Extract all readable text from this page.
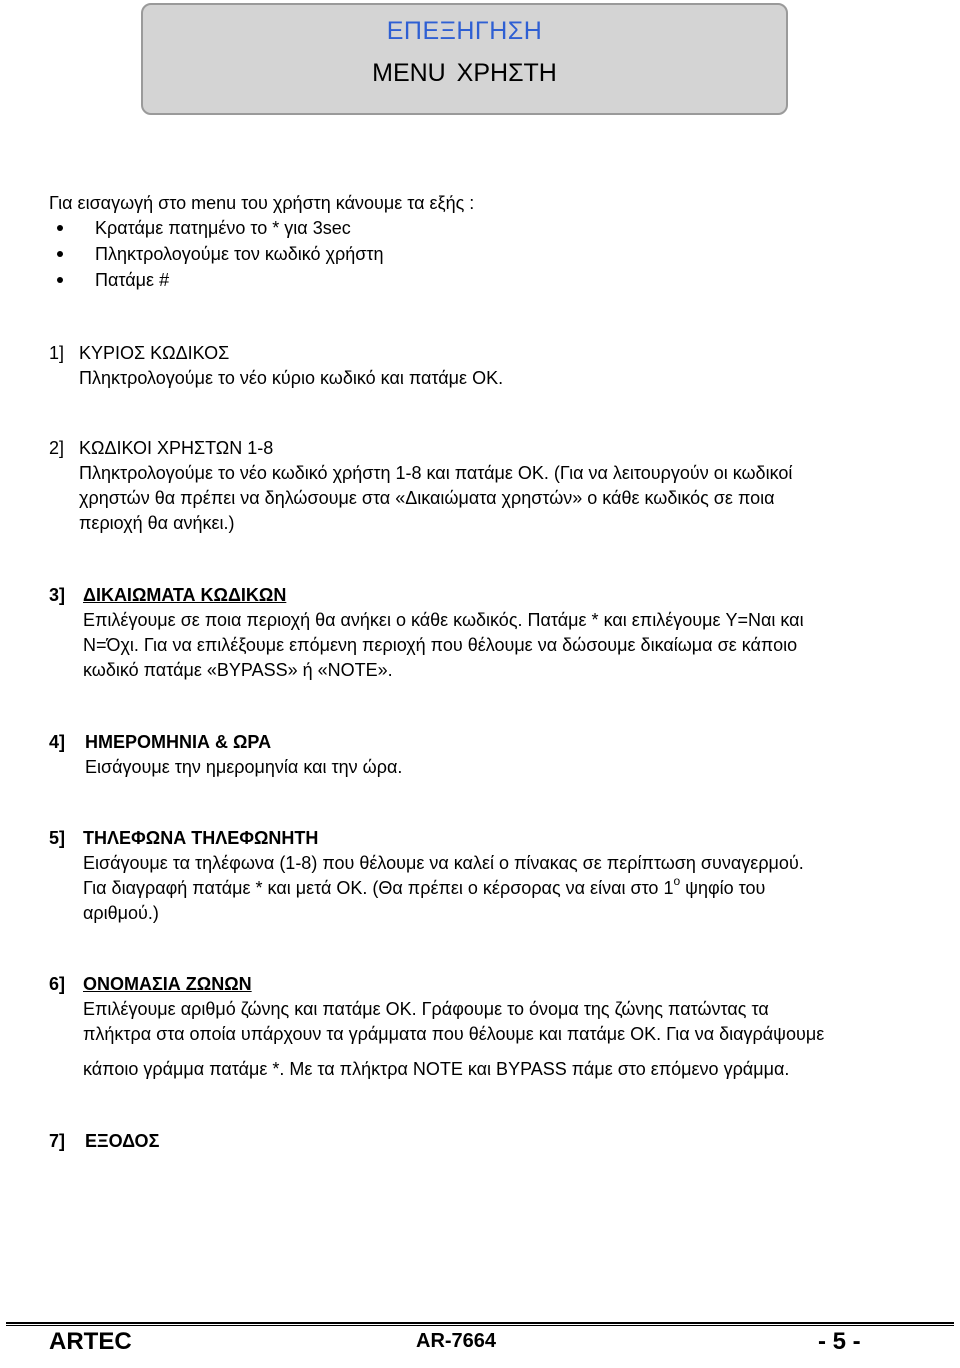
ΕΠΕΞΗΓΗΣΗ
MENU ΧΡΗΣΤΗ
Για εισαγωγή στο menu του χρήστη κάνουμε τα εξής :
Κρατάμε πατημένο το * για 3sec
Πληκτρολογούμε τον κωδικό χρήστη
Πατάμε #
1] ΚΥΡΙΟΣ ΚΩΔΙΚΟΣ
Πληκτρολογούμε το νέο κύριο κωδικό και πατάμε ΟΚ.
2] ΚΩΔΙΚΟΙ ΧΡΗΣΤΩΝ 1-8
Πληκτρολογούμε το νέο κωδικό χρήστη 1-8 και πατάμε ΟΚ. (Για να λειτουργούν οι κωδικοί
χρηστών θα πρέπει να δηλώσουμε στα «Δικαιώματα χρηστών» ο κάθε κωδικός σε ποια
περιοχή θα ανήκει.)
3] ΔΙΚΑΙΩΜΑΤΑ ΚΩΔΙΚΩΝ
Επιλέγουμε σε ποια περιοχή θα ανήκει ο κάθε κωδικός. Πατάμε * και επιλέγουμε Y=Ναι και
N=Όχι. Για να επιλέξουμε επόμενη περιοχή που θέλουμε να δώσουμε δικαίωμα σε κάποιο
κωδικό πατάμε «BYPASS» ή «NOTE».
4] ΗΜΕΡΟΜΗΝΙΑ & ΩΡΑ
Εισάγουμε την ημερομηνία και την ώρα.
5] ΤΗΛΕΦΩΝΑ ΤΗΛΕΦΩΝΗΤΗ
Εισάγουμε τα τηλέφωνα (1-8) που θέλουμε να καλεί ο πίνακας σε περίπτωση συναγερμού.
Για διαγραφή πατάμε * και μετά ΟΚ. (Θα πρέπει ο κέρσορας να είναι στο $1^o$ ψηφίο του
αριθμού.)
6] ΟΝΟΜΑΣΙΑ ΖΩΝΩΝ
Επιλέγουμε αριθμό ζώνης και πατάμε ΟΚ. Γράφουμε το όνομα της ζώνης πατώντας τα
πλήκτρα στα οποία υπάρχουν τα γράμματα που θέλουμε και πατάμε ΟΚ. Για να διαγράψουμε
κάποιο γράμμα πατάμε *. Με τα πλήκτρα NOTE και BYPASS πάμε στο επόμενο γράμμα.
7] ΕΞΟΔΟΣ
ARTEC	AR-7664	- 5 -
